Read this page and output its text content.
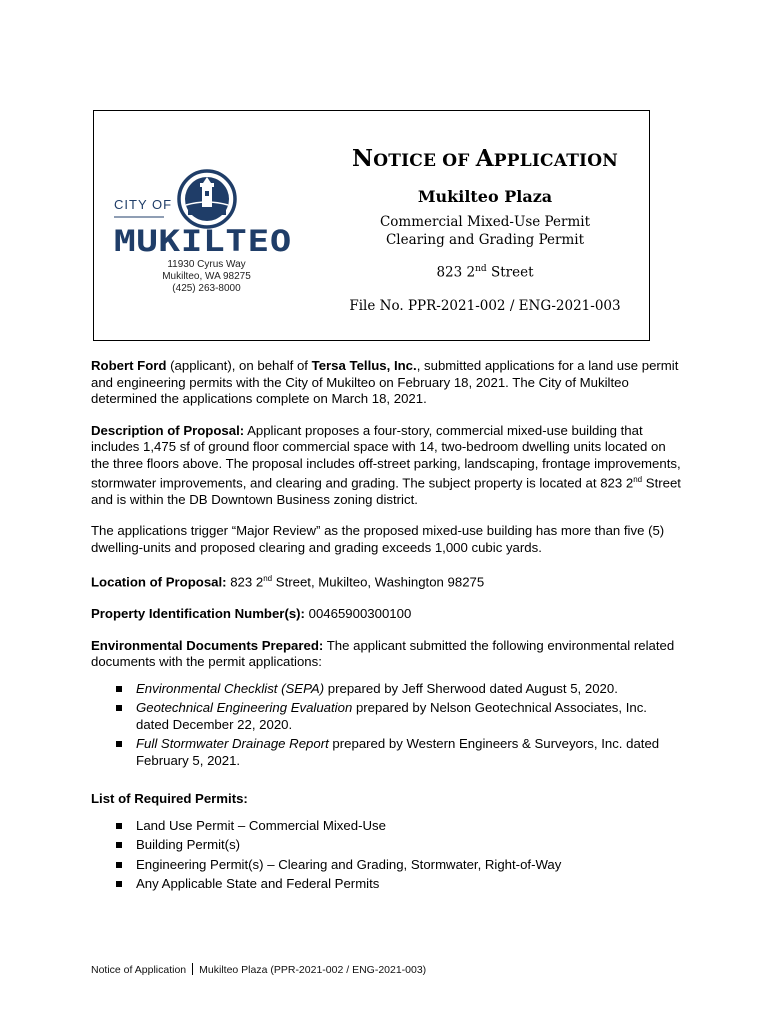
CITY OF
MUKILTEO
11930 Cyrus Way
Mukilteo, WA 98275
(425) 263-8000
NOTICE OF APPLICATION
Mukilteo Plaza
Commercial Mixed-Use Permit
Clearing and Grading Permit
823 2nd Street
File No. PPR-2021-002 / ENG-2021-003

Robert Ford (applicant), on behalf of Tersa Tellus, Inc., submitted applications for a land use permit and engineering permits with the City of Mukilteo on February 18, 2021. The City of Mukilteo determined the applications complete on March 18, 2021.

Description of Proposal: Applicant proposes a four-story, commercial mixed-use building that includes 1,475 sf of ground floor commercial space with 14, two-bedroom dwelling units located on the three floors above. The proposal includes off-street parking, landscaping, frontage improvements, stormwater improvements, and clearing and grading. The subject property is located at 823 2nd Street and is within the DB Downtown Business zoning district.

The applications trigger “Major Review” as the proposed mixed-use building has more than five (5) dwelling-units and proposed clearing and grading exceeds 1,000 cubic yards.

Location of Proposal: 823 2nd Street, Mukilteo, Washington 98275

Property Identification Number(s): 00465900300100

Environmental Documents Prepared: The applicant submitted the following environmental related documents with the permit applications:

Environmental Checklist (SEPA) prepared by Jeff Sherwood dated August 5, 2020.
Geotechnical Engineering Evaluation prepared by Nelson Geotechnical Associates, Inc. dated December 22, 2020.
Full Stormwater Drainage Report prepared by Western Engineers & Surveyors, Inc. dated February 5, 2021.

List of Required Permits:

Land Use Permit – Commercial Mixed-Use
Building Permit(s)
Engineering Permit(s) – Clearing and Grading, Stormwater, Right-of-Way
Any Applicable State and Federal Permits
Notice of Application Mukilteo Plaza (PPR-2021-002 / ENG-2021-003)
